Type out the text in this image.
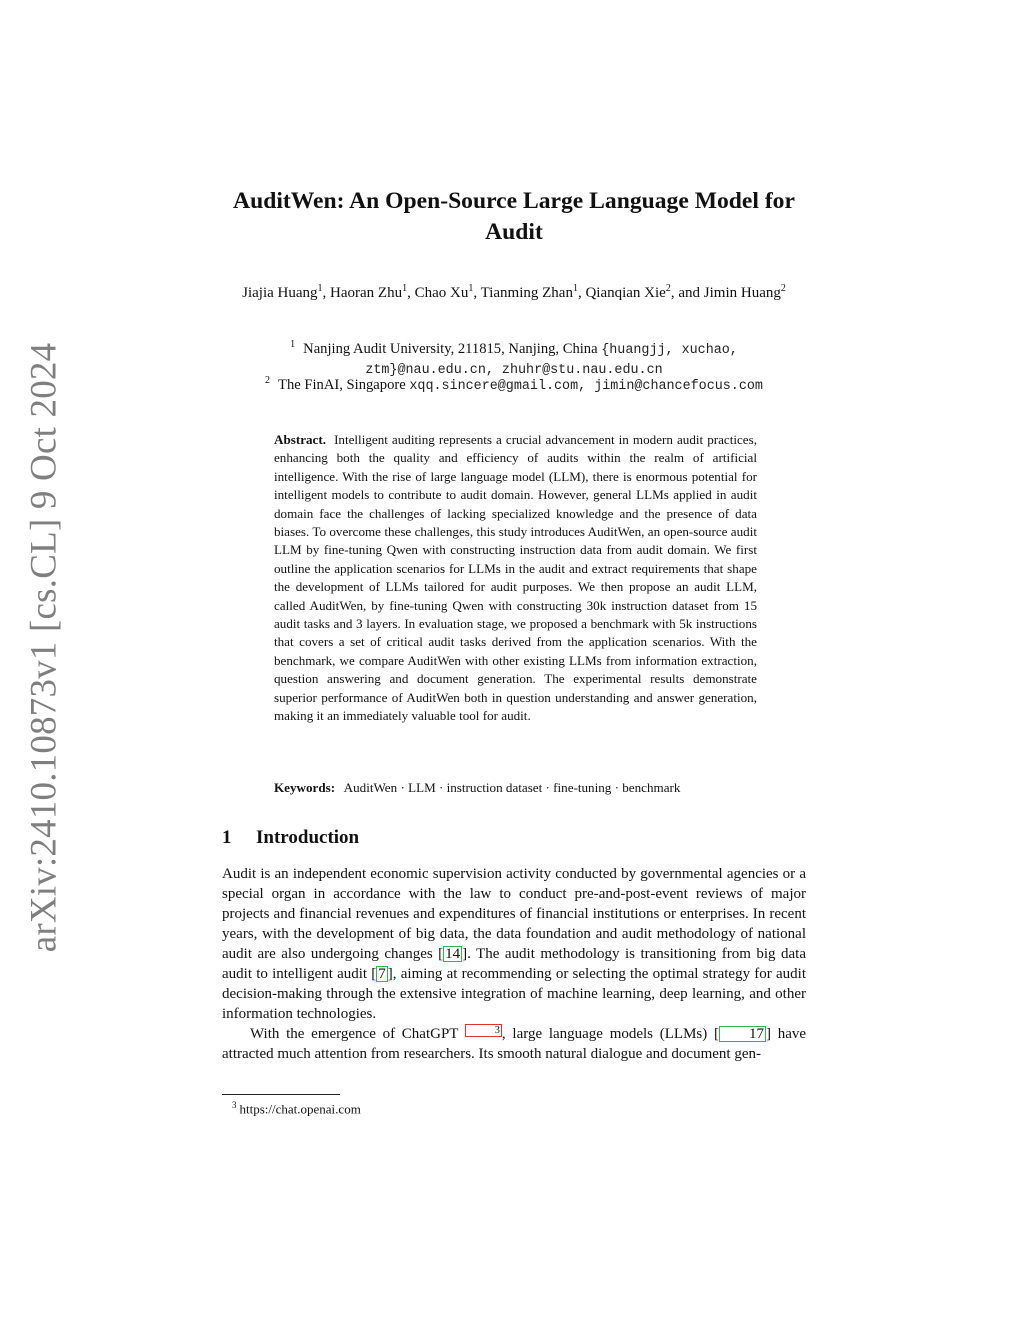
arXiv:2410.10873v1 [cs.CL] 9 Oct 2024
AuditWen: An Open-Source Large Language Model for Audit
Jiajia Huang$^1$, Haoran Zhu$^1$, Chao Xu$^1$, Tianming Zhan$^1$, Qianqian Xie$^2$, and Jimin Huang$^2$
$^1$ Nanjing Audit University, 211815, Nanjing, China {huangjj, xuchao, ztm}@nau.edu.cn, zhuhr@stu.nau.edu.cn
$^2$ The FinAI, Singapore xqq.sincere@gmail.com, jimin@chancefocus.com
Abstract. Intelligent auditing represents a crucial advancement in modern audit practices, enhancing both the quality and efficiency of audits within the realm of artificial intelligence. With the rise of large language model (LLM), there is enormous potential for intelligent models to contribute to audit domain. However, general LLMs applied in audit domain face the challenges of lacking specialized knowledge and the presence of data biases. To overcome these challenges, this study introduces AuditWen, an open-source audit LLM by fine-tuning Qwen with constructing instruction data from audit domain. We first outline the application scenarios for LLMs in the audit and extract requirements that shape the development of LLMs tailored for audit purposes. We then propose an audit LLM, called AuditWen, by fine-tuning Qwen with constructing 30k instruction dataset from 15 audit tasks and 3 layers. In evaluation stage, we proposed a benchmark with 5k instructions that covers a set of critical audit tasks derived from the application scenarios. With the benchmark, we compare AuditWen with other existing LLMs from information extraction, question answering and document generation. The experimental results demonstrate superior performance of AuditWen both in question understanding and answer generation, making it an immediately valuable tool for audit.
Keywords: AuditWen · LLM · instruction dataset · fine-tuning · benchmark
1 Introduction

Audit is an independent economic supervision activity conducted by governmental agencies or a special organ in accordance with the law to conduct pre-and-post-event reviews of major projects and financial revenues and expenditures of financial institutions or enterprises. In recent years, with the development of big data, the data foundation and audit methodology of national audit are also undergoing changes [ 14 ]. The audit methodology is transitioning from big data audit to intelligent audit [ 7 ], aiming at recommending or selecting the optimal strategy for audit decision-making through the extensive integration of machine learning, deep learning, and other information technologies.

With the emergence of ChatGPT	3 , large language models (LLMs) [ 17 ] have attracted much attention from researchers. Its smooth natural dialogue and document gen-

$^3$ https://chat.openai.com
